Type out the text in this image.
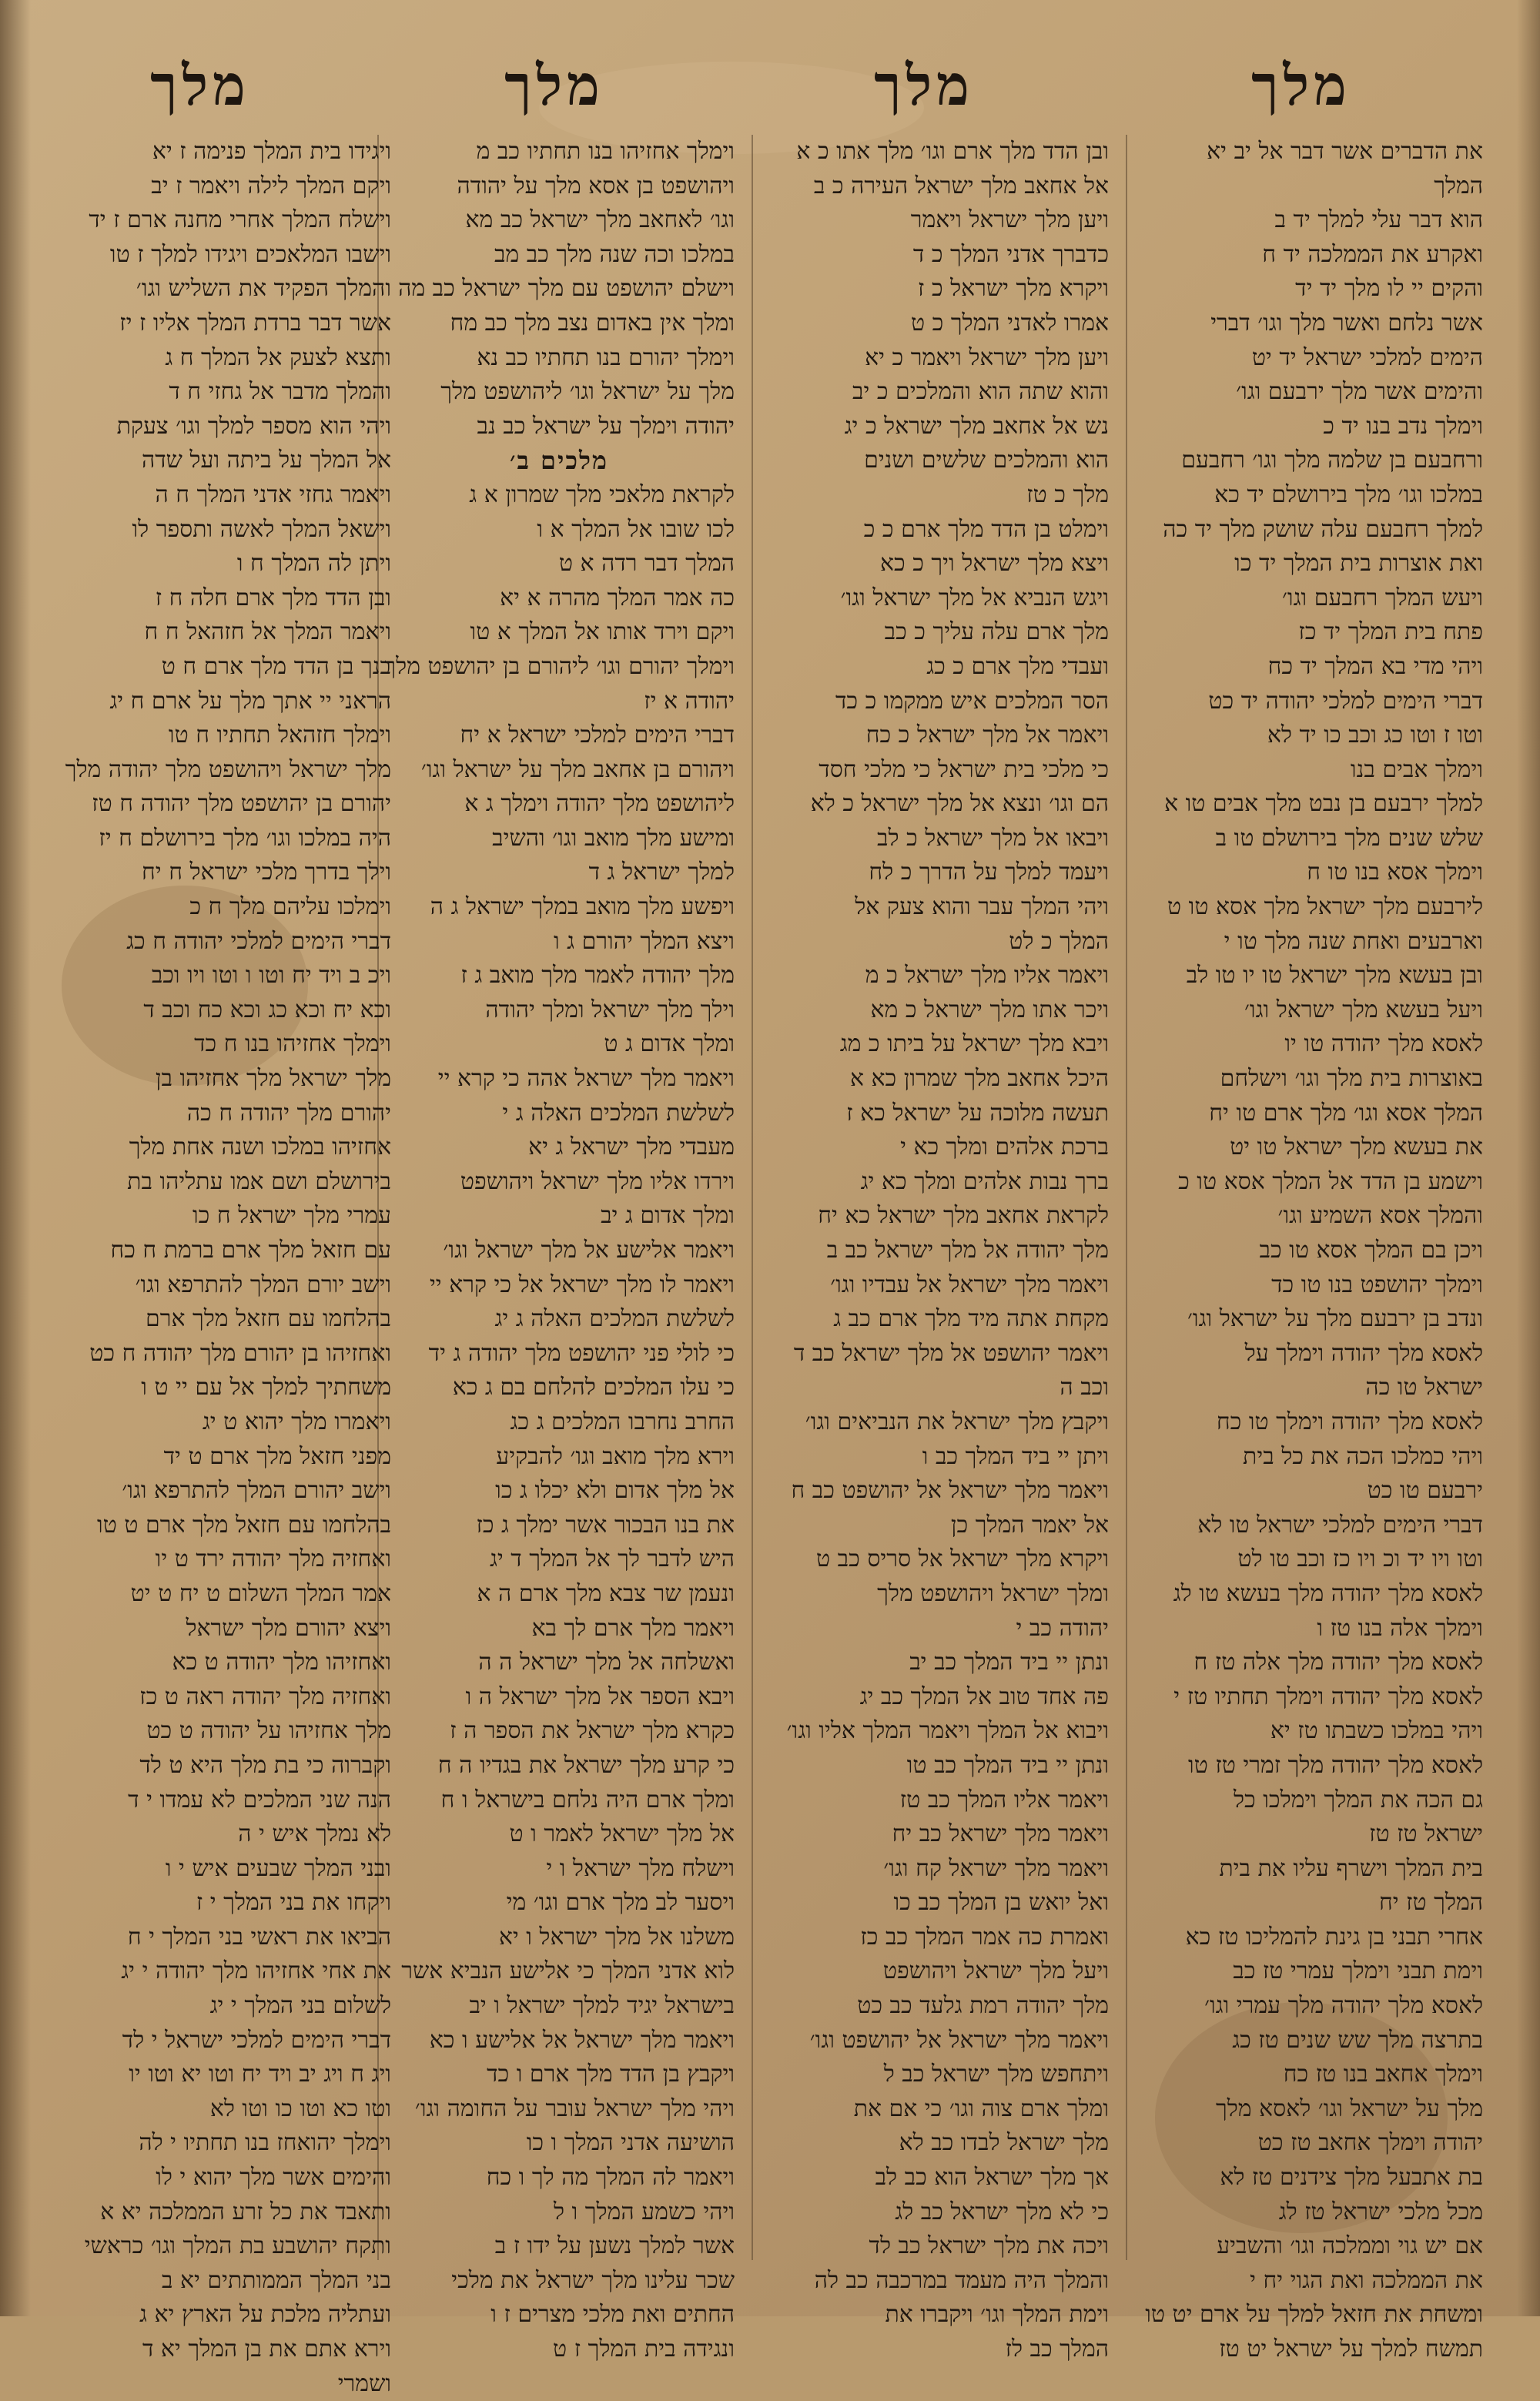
מלך
מלך
מלך
מלך
את הדברים אשר דבר אל יב יא
המלך
הוא דבר עלי למלך יד ב
ואקרע את הממלכה יד ח
והקים יי לו מלך יד יד
אשר נלחם ואשר מלך וגו׳ דברי
הימים למלכי ישראל יד יט
והימים אשר מלך ירבעם וגו׳
וימלך נדב בנו יד כ
ורחבעם בן שלמה מלך וגו׳ רחבעם
במלכו וגו׳ מלך בירושלם יד כא
למלך רחבעם עלה שושק מלך יד כה
ואת אוצרות בית המלך יד כו
ויעש המלך רחבעם וגו׳
פתח בית המלך יד כז
ויהי מדי בא המלך יד כח
דברי הימים למלכי יהודה יד כט
וטו ז וטו כג וכב כו יד לא
וימלך אבים בנו
למלך ירבעם בן נבט מלך אבים טו א
שלש שנים מלך בירושלם טו ב
וימלך אסא בנו טו ח
לירבעם מלך ישראל מלך אסא טו ט
וארבעים ואחת שנה מלך טו י
ובן בעשא מלך ישראל טו יו טו לב
ויעל בעשא מלך ישראל וגו׳
לאסא מלך יהודה טו יו
באוצרות בית מלך וגו׳ וישלחם
המלך אסא וגו׳ מלך ארם טו יח
את בעשא מלך ישראל טו יט
וישמע בן הדד אל המלך אסא טו כ
והמלך אסא השמיע וגו׳
ויכן בם המלך אסא טו כב
וימלך יהושפט בנו טו כד
ונדב בן ירבעם מלך על ישראל וגו׳
לאסא מלך יהודה וימלך על
ישראל טו כה
לאסא מלך יהודה וימלך טו כח
ויהי כמלכו הכה את כל בית
ירבעם טו כט
דברי הימים למלכי ישראל טו לא
וטו ויו יד וכ ויו כז וכב טו לט
לאסא מלך יהודה מלך בעשא טו לג
וימלך אלה בנו טז ו
לאסא מלך יהודה מלך אלה טז ח
לאסא מלך יהודה וימלך תחתיו טז י
ויהי במלכו כשבתו טז יא
לאסא מלך יהודה מלך זמרי טז טו
גם הכה את המלך וימלכו כל
ישראל טז טז
בית המלך וישרף עליו את בית
המלך טז יח
אחרי תבני בן גינת להמליכו טז כא
וימת תבני וימלך עמרי טז כב
לאסא מלך יהודה מלך עמרי וגו׳
בתרצה מלך שש שנים טז כג
וימלך אחאב בנו טז כח
מלך על ישראל וגו׳ לאסא מלך
יהודה וימלך אחאב טז כט
בת אתבעל מלך צידנים טז לא
מכל מלכי ישראל טז לג
אם יש גוי וממלכה וגו׳ והשביע
את הממלכה ואת הגוי יח י
ומשחת את חזאל למלך על ארם יט טו
תמשח למלך על ישראל יט טז
ובן הדד מלך ארם וגו׳ מלך אתו כ א
אל אחאב מלך ישראל העירה כ ב
ויען מלך ישראל ויאמר
כדברך אדני המלך כ ד
ויקרא מלך ישראל כ ז
אמרו לאדני המלך כ ט
ויען מלך ישראל ויאמר כ יא
והוא שתה הוא והמלכים כ יב
נש אל אחאב מלך ישראל כ יג
הוא והמלכים שלשים ושנים
מלך כ טז
וימלט בן הדד מלך ארם כ כ
ויצא מלך ישראל ויך כ כא
ויגש הנביא אל מלך ישראל וגו׳
מלך ארם עלה עליך כ כב
ועבדי מלך ארם כ כג
הסר המלכים איש ממקמו כ כד
ויאמר אל מלך ישראל כ כח
כי מלכי בית ישראל כי מלכי חסד
הם וגו׳ ונצא אל מלך ישראל כ לא
ויבאו אל מלך ישראל כ לב
ויעמד למלך על הדרך כ לח
ויהי המלך עבר והוא צעק אל
המלך כ לט
ויאמר אליו מלך ישראל כ מ
ויכר אתו מלך ישראל כ מא
ויבא מלך ישראל על ביתו כ מג
היכל אחאב מלך שמרון כא א
תעשה מלוכה על ישראל כא ז
ברכת אלהים ומלך כא י
ברך נבות אלהים ומלך כא יג
לקראת אחאב מלך ישראל כא יח
מלך יהודה אל מלך ישראל כב ב
ויאמר מלך ישראל אל עבדיו וגו׳
מקחת אתה מיד מלך ארם כב ג
ויאמר יהושפט אל מלך ישראל כב ד
וכב ה
ויקבץ מלך ישראל את הנביאים וגו׳
ויתן יי ביד המלך כב ו
ויאמר מלך ישראל אל יהושפט כב ח
אל יאמר המלך כן
ויקרא מלך ישראל אל סריס כב ט
ומלך ישראל ויהושפט מלך
יהודה כב י
ונתן יי ביד המלך כב יב
פה אחד טוב אל המלך כב יג
ויבוא אל המלך ויאמר המלך אליו וגו׳
ונתן יי ביד המלך כב טו
ויאמר אליו המלך כב טז
ויאמר מלך ישראל כב יח
ויאמר מלך ישראל קח וגו׳
ואל יואש בן המלך כב כו
ואמרת כה אמר המלך כב כז
ויעל מלך ישראל ויהושפט
מלך יהודה רמת גלעד כב כט
ויאמר מלך ישראל אל יהושפט וגו׳
ויתחפש מלך ישראל כב ל
ומלך ארם צוה וגו׳ כי אם את
מלך ישראל לבדו כב לא
אך מלך ישראל הוא כב לב
כי לא מלך ישראל כב לג
ויכה את מלך ישראל כב לד
והמלך היה מעמד במרכבה כב לה
וימת המלך וגו׳ ויקברו את
המלך כב לז
וימלך אחזיהו בנו תחתיו כב מ
ויהושפט בן אסא מלך על יהודה
וגו׳ לאחאב מלך ישראל כב מא
במלכו וכה שנה מלך כב מב
וישלם יהושפט עם מלך ישראל כב מה
ומלך אין באדום נצב מלך כב מח
וימלך יהורם בנו תחתיו כב נא
מלך על ישראל וגו׳ ליהושפט מלך
יהודה וימלך על ישראל כב נב
מלכים ב׳
לקראת מלאכי מלך שמרון א ג
לכו שובו אל המלך א ו
המלך דבר רדה א ט
כה אמר המלך מהרה א יא
ויקם וירד אותו אל המלך א טו
וימלך יהורם וגו׳ ליהורם בן יהושפט מלך
יהודה א יז
דברי הימים למלכי ישראל א יח
ויהורם בן אחאב מלך על ישראל וגו׳
ליהושפט מלך יהודה וימלך ג א
ומישע מלך מואב וגו׳ והשיב
למלך ישראל ג ד
ויפשע מלך מואב במלך ישראל ג ה
ויצא המלך יהורם ג ו
מלך יהודה לאמר מלך מואב ג ז
וילך מלך ישראל ומלך יהודה
ומלך אדום ג ט
ויאמר מלך ישראל אהה כי קרא יי
לשלשת המלכים האלה ג י
מעבדי מלך ישראל ג יא
וירדו אליו מלך ישראל ויהושפט
ומלך אדום ג יב
ויאמר אלישע אל מלך ישראל וגו׳
ויאמר לו מלך ישראל אל כי קרא יי
לשלשת המלכים האלה ג יג
כי לולי פני יהושפט מלך יהודה ג יד
כי עלו המלכים להלחם בם ג כא
החרב נחרבו המלכים ג כג
וירא מלך מואב וגו׳ להבקיע
אל מלך אדום ולא יכלו ג כו
את בנו הבכור אשר ימלך ג כז
היש לדבר לך אל המלך ד יג
ונעמן שר צבא מלך ארם ה א
ויאמר מלך ארם לך בא
ואשלחה אל מלך ישראל ה ה
ויבא הספר אל מלך ישראל ה ו
כקרא מלך ישראל את הספר ה ז
כי קרע מלך ישראל את בגדיו ה ח
ומלך ארם היה נלחם בישראל ו ח
אל מלך ישראל לאמר ו ט
וישלח מלך ישראל ו י
ויסער לב מלך ארם וגו׳ מי
משלנו אל מלך ישראל ו יא
לוא אדני המלך כי אלישע הנביא אשר
בישראל יגיד למלך ישראל ו יב
ויאמר מלך ישראל אל אלישע ו כא
ויקבץ בן הדד מלך ארם ו כד
ויהי מלך ישראל עובר על החומה וגו׳
הושיעה אדני המלך ו כו
ויאמר לה המלך מה לך ו כח
ויהי כשמע המלך ו ל
אשר למלך נשען על ידו ז ב
שכר עלינו מלך ישראל את מלכי
החתים ואת מלכי מצרים ז ו
ונגידה בית המלך ז ט
ויגידו בית המלך פנימה ז יא
ויקם המלך לילה ויאמר ז יב
וישלח המלך אחרי מחנה ארם ז יד
וישבו המלאכים ויגידו למלך ז טו
והמלך הפקיד את השליש וגו׳
אשר דבר ברדת המלך אליו ז יז
ותצא לצעק אל המלך ח ג
והמלך מדבר אל גחזי ח ד
ויהי הוא מספר למלך וגו׳ צעקת
אל המלך על ביתה ועל שדה
ויאמר גחזי אדני המלך ח ה
וישאל המלך לאשה ותספר לו
ויתן לה המלך ח ו
ובן הדד מלך ארם חלה ח ז
ויאמר המלך אל חזהאל ח ח
בנך בן הדד מלך ארם ח ט
הראני יי אתך מלך על ארם ח יג
וימלך חזהאל תחתיו ח טו
מלך ישראל ויהושפט מלך יהודה מלך
יהורם בן יהושפט מלך יהודה ח טז
היה במלכו וגו׳ מלך בירושלם ח יז
וילך בדרך מלכי ישראל ח יח
וימלכו עליהם מלך ח כ
דברי הימים למלכי יהודה ח כג
ויכ ב ויד יח וטו ו וטו ויו וכב
וכא יח וכא כג וכא כח וכב ד
וימלך אחזיהו בנו ח כד
מלך ישראל מלך אחזיהו בן
יהורם מלך יהודה ח כה
אחזיהו במלכו ושנה אחת מלך
בירושלם ושם אמו עתליהו בת
עמרי מלך ישראל ח כו
עם חזאל מלך ארם ברמת ח כח
וישב יורם המלך להתרפא וגו׳
בהלחמו עם חזאל מלך ארם
ואחזיהו בן יהורם מלך יהודה ח כט
משחתיך למלך אל עם יי ט ו
ויאמרו מלך יהוא ט יג
מפני חזאל מלך ארם ט יד
וישב יהורם המלך להתרפא וגו׳
בהלחמו עם חזאל מלך ארם ט טו
ואחזיה מלך יהודה ירד ט יו
אמר המלך השלום ט יח ט יט
ויצא יהורם מלך ישראל
ואחזיהו מלך יהודה ט כא
ואחזיה מלך יהודה ראה ט כז
מלך אחזיהו על יהודה ט כט
וקברוה כי בת מלך היא ט לד
הנה שני המלכים לא עמדו י ד
לא נמלך איש י ה
ובני המלך שבעים איש י ו
ויקחו את בני המלך י ז
הביאו את ראשי בני המלך י ח
את אחי אחזיהו מלך יהודה י יג
לשלום בני המלך י יג
דברי הימים למלכי ישראל י לד
ויג ח ויג יב ויד יח וטו יא וטו יו
וטו כא וטו כו וטו לא
וימלך יהואחז בנו תחתיו י לה
והימים אשר מלך יהוא י לו
ותאבד את כל זרע הממלכה יא א
ותקח יהושבע בת המלך וגו׳ כראשי
בני המלך הממותתים יא ב
ועתליה מלכת על הארץ יא ג
וירא אתם את בן המלך יא ד
ושמרי
